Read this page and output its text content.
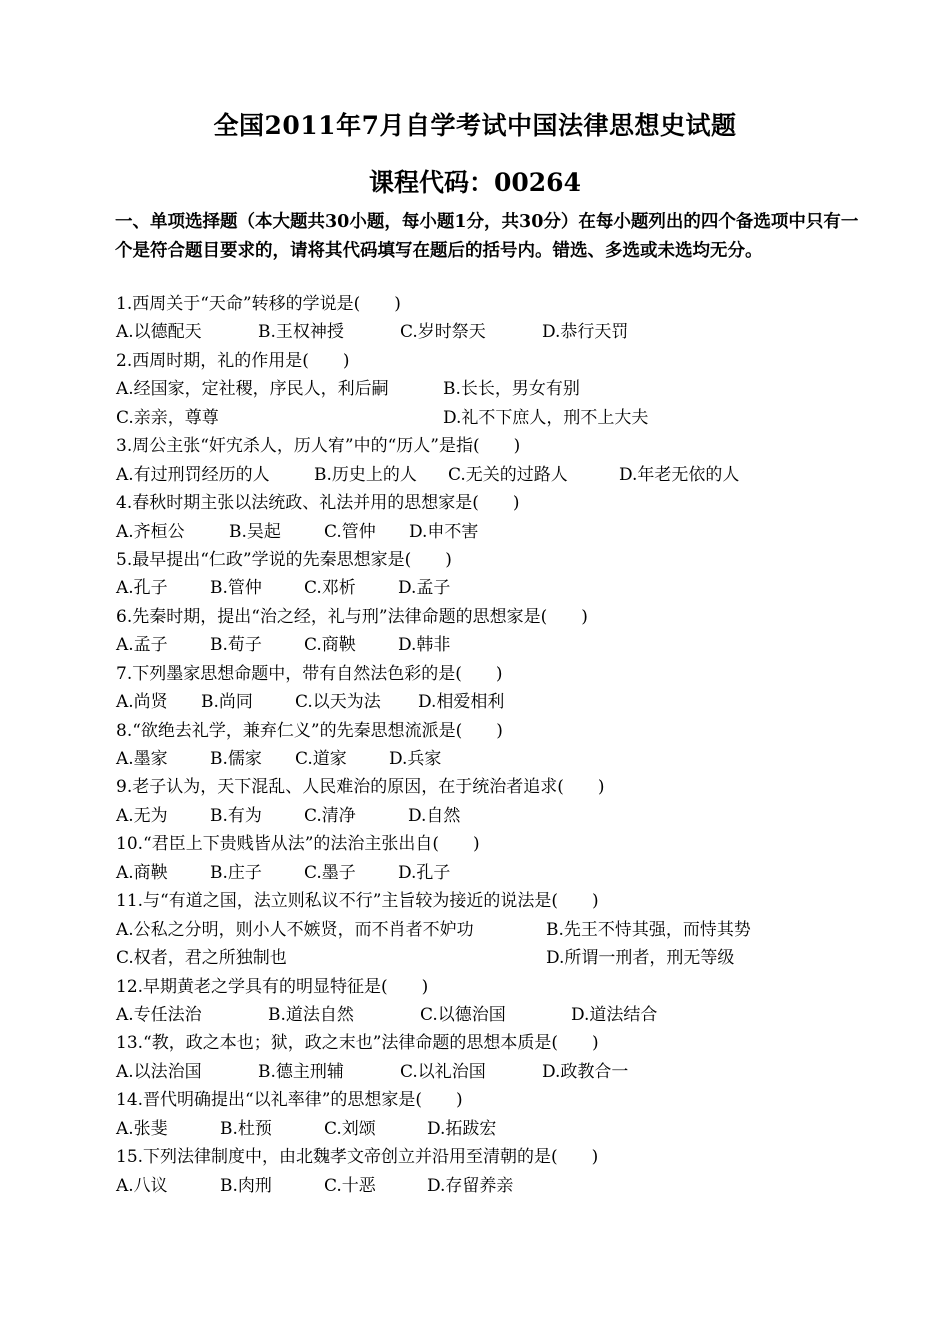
全国2011年7月自学考试中国法律思想史试题
课程代码：00264
一、单项选择题（本大题共30小题，每小题1分，共30分）在每小题列出的四个备选项中只有一个是符合题目要求的，请将其代码填写在题后的括号内。错选、多选或未选均无分。
1.西周关于“天命”转移的学说是(　　)
A.以德配天	B.王权神授	C.岁时祭天	D.恭行天罚
2.西周时期，礼的作用是(　　)
A.经国家，定社稷，序民人，利后嗣	B.长长，男女有别
C.亲亲，尊尊	D.礼不下庶人，刑不上大夫
3.周公主张“奸宄杀人，历人宥”中的“历人”是指(　　)
A.有过刑罚经历的人	B.历史上的人 C.无关的过路人	D.年老无依的人
4.春秋时期主张以法统政、礼法并用的思想家是(　　)
A.齐桓公	B.吴起	C.管仲 D.申不害
5.最早提出“仁政”学说的先秦思想家是(　　)
A.孔子 B.管仲 C.邓析 D.孟子
6.先秦时期，提出“治之经，礼与刑”法律命题的思想家是(　　)
A.孟子 B.荀子 C.商鞅 D.韩非
7.下列墨家思想命题中，带有自然法色彩的是(　　)
A.尚贤 B.尚同 C.以天为法 D.相爱相利
8.“欲绝去礼学，兼弃仁义”的先秦思想流派是(　　)
A.墨家 B.儒家 C.道家 D.兵家
9.老子认为，天下混乱、人民难治的原因，在于统治者追求(　　)
A.无为 B.有为 C.清净	D.自然
10.“君臣上下贵贱皆从法”的法治主张出自(　　)
A.商鞅 B.庄子 C.墨子 D.孔子
11.与“有道之国，法立则私议不行”主旨较为接近的说法是(　　)
A.公私之分明，则小人不嫉贤，而不肖者不妒功	B.先王不恃其强，而恃其势
C.权者，君之所独制也	D.所谓一刑者，刑无等级
12.早期黄老之学具有的明显特征是(　　)
A.专任法治	B.道法自然	C.以德治国	D.道法结合
13.“教，政之本也；狱，政之末也”法律命题的思想本质是(　　)
A.以法治国	B.德主刑辅	C.以礼治国	D.政教合一
14.晋代明确提出“以礼率律”的思想家是(　　)
A.张斐	B.杜预	C.刘颂	D.拓跋宏
15.下列法律制度中，由北魏孝文帝创立并沿用至清朝的是(　　)
A.八议	B.肉刑	C.十恶	D.存留养亲
